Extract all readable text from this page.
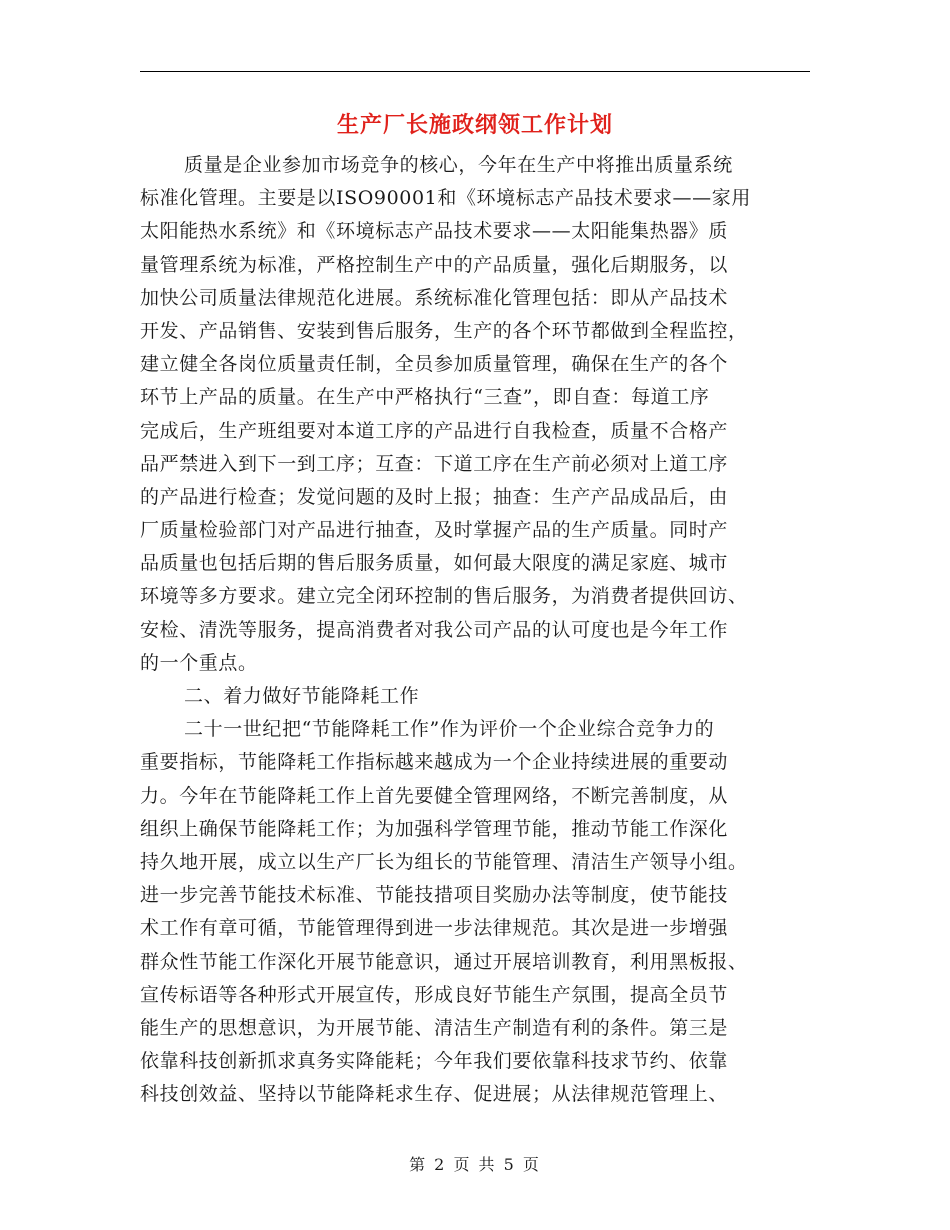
生产厂长施政纲领工作计划
质量是企业参加市场竞争的核心，今年在生产中将推出质量系统
标准化管理。主要是以ISO90001和《环境标志产品技术要求——家用
太阳能热水系统》和《环境标志产品技术要求——太阳能集热器》质
量管理系统为标准，严格控制生产中的产品质量，强化后期服务，以
加快公司质量法律规范化进展。系统标准化管理包括：即从产品技术
开发、产品销售、安装到售后服务，生产的各个环节都做到全程监控，
建立健全各岗位质量责任制，全员参加质量管理，确保在生产的各个
环节上产品的质量。在生产中严格执行“三查”，即自查：每道工序
完成后，生产班组要对本道工序的产品进行自我检查，质量不合格产
品严禁进入到下一到工序；互查：下道工序在生产前必须对上道工序
的产品进行检查；发觉问题的及时上报；抽查：生产产品成品后，由
厂质量检验部门对产品进行抽查，及时掌握产品的生产质量。同时产
品质量也包括后期的售后服务质量，如何最大限度的满足家庭、城市
环境等多方要求。建立完全闭环控制的售后服务，为消费者提供回访、
安检、清洗等服务，提高消费者对我公司产品的认可度也是今年工作
的一个重点。
二、着力做好节能降耗工作
二十一世纪把“节能降耗工作”作为评价一个企业综合竞争力的
重要指标，节能降耗工作指标越来越成为一个企业持续进展的重要动
力。今年在节能降耗工作上首先要健全管理网络，不断完善制度，从
组织上确保节能降耗工作；为加强科学管理节能，推动节能工作深化
持久地开展，成立以生产厂长为组长的节能管理、清洁生产领导小组。
进一步完善节能技术标准、节能技措项目奖励办法等制度，使节能技
术工作有章可循，节能管理得到进一步法律规范。其次是进一步增强
群众性节能工作深化开展节能意识，通过开展培训教育，利用黑板报、
宣传标语等各种形式开展宣传，形成良好节能生产氛围，提高全员节
能生产的思想意识，为开展节能、清洁生产制造有利的条件。第三是
依靠科技创新抓求真务实降能耗；今年我们要依靠科技求节约、依靠
科技创效益、坚持以节能降耗求生存、促进展；从法律规范管理上、
第 2 页 共 5 页
